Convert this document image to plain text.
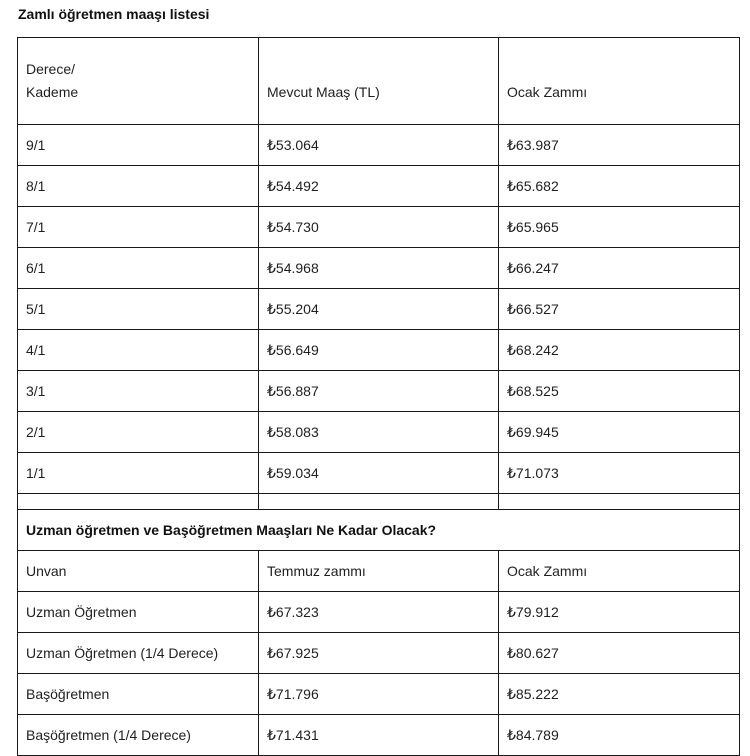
Zamlı öğretmen maaşı listesi
Derece/
Kademe	Mevcut Maaş (TL)	Ocak Zammı
9/1	₺53.064	₺63.987
8/1	₺54.492	₺65.682
7/1	₺54.730	₺65.965
6/1	₺54.968	₺66.247
5/1	₺55.204	₺66.527
4/1	₺56.649	₺68.242
3/1	₺56.887	₺68.525
2/1	₺58.083	₺69.945
1/1	₺59.034	₺71.073

Uzman öğretmen ve Başöğretmen Maaşları Ne Kadar Olacak?		
Unvan	Temmuz zammı	Ocak Zammı
Uzman Öğretmen	₺67.323	₺79.912
Uzman Öğretmen (1/4 Derece)	₺67.925	₺80.627
Başöğretmen	₺71.796	₺85.222
Başöğretmen (1/4 Derece)	₺71.431	₺84.789
